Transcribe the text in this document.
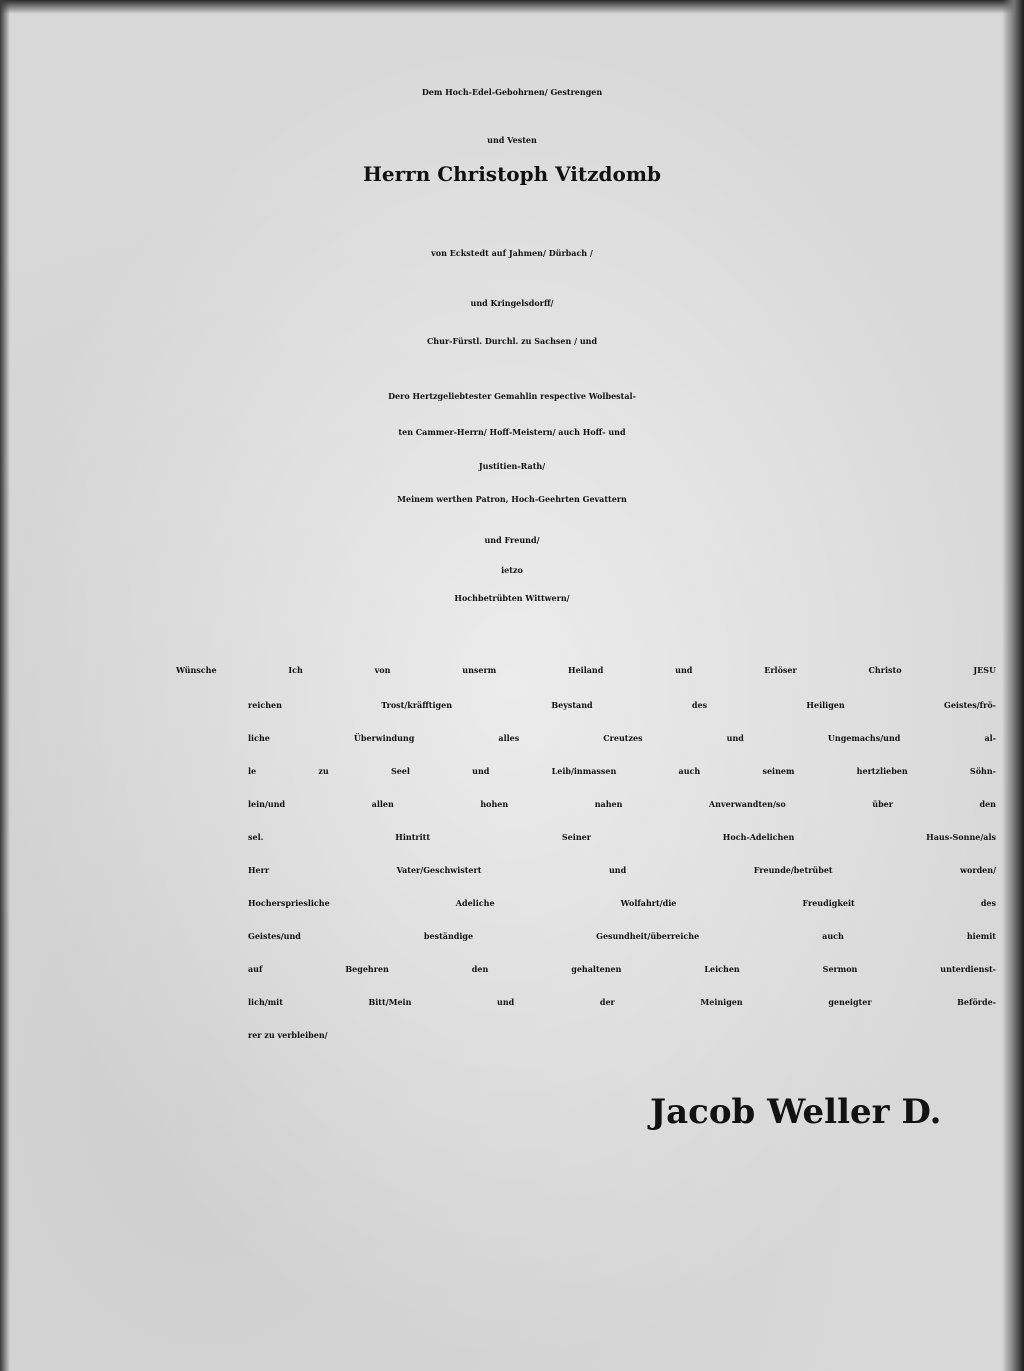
Dem Hoch-Edel-Gebohrnen/ Gestrengen
und Vesten
Herrn Christoph Vitzdomb
von Eckstedt auf Jahmen/ Dürbach /
und Kringelsdorff/
Chur-Fürstl. Durchl. zu Sachsen / und
Dero Hertzgeliebtester Gemahlin respective Wolbestal-
ten Cammer-Herrn/ Hoff-Meistern/ auch Hoff- und
Justitien-Rath/
Meinem werthen Patron, Hoch-Geehrten Gevattern
und Freund/
ietzo
Hochbetrübten Wittwern/
Wünsche Ich von unserm Heiland und Erlöser Christo JESU
reichen Trost/kräfftigen Beystand des Heiligen Geistes/frö-
liche Überwindung alles Creutzes und Ungemachs/und al-
le zu Seel und Leib/inmassen auch seinem hertzlieben Söhn-
lein/und allen hohen nahen Anverwandten/so über den
sel. Hintritt Seiner Hoch-Adelichen Haus-Sonne/als
Herr Vater/Geschwistert und Freunde/betrübet worden/
Hocherspriesliche Adeliche Wolfahrt/die Freudigkeit des
Geistes/und beständige Gesundheit/überreiche auch hiemit
auf Begehren den gehaltenen Leichen Sermon unterdienst-
lich/mit Bitt/Mein und der Meinigen geneigter Beförde-
rer zu verbleiben/
Jacob Weller D.
